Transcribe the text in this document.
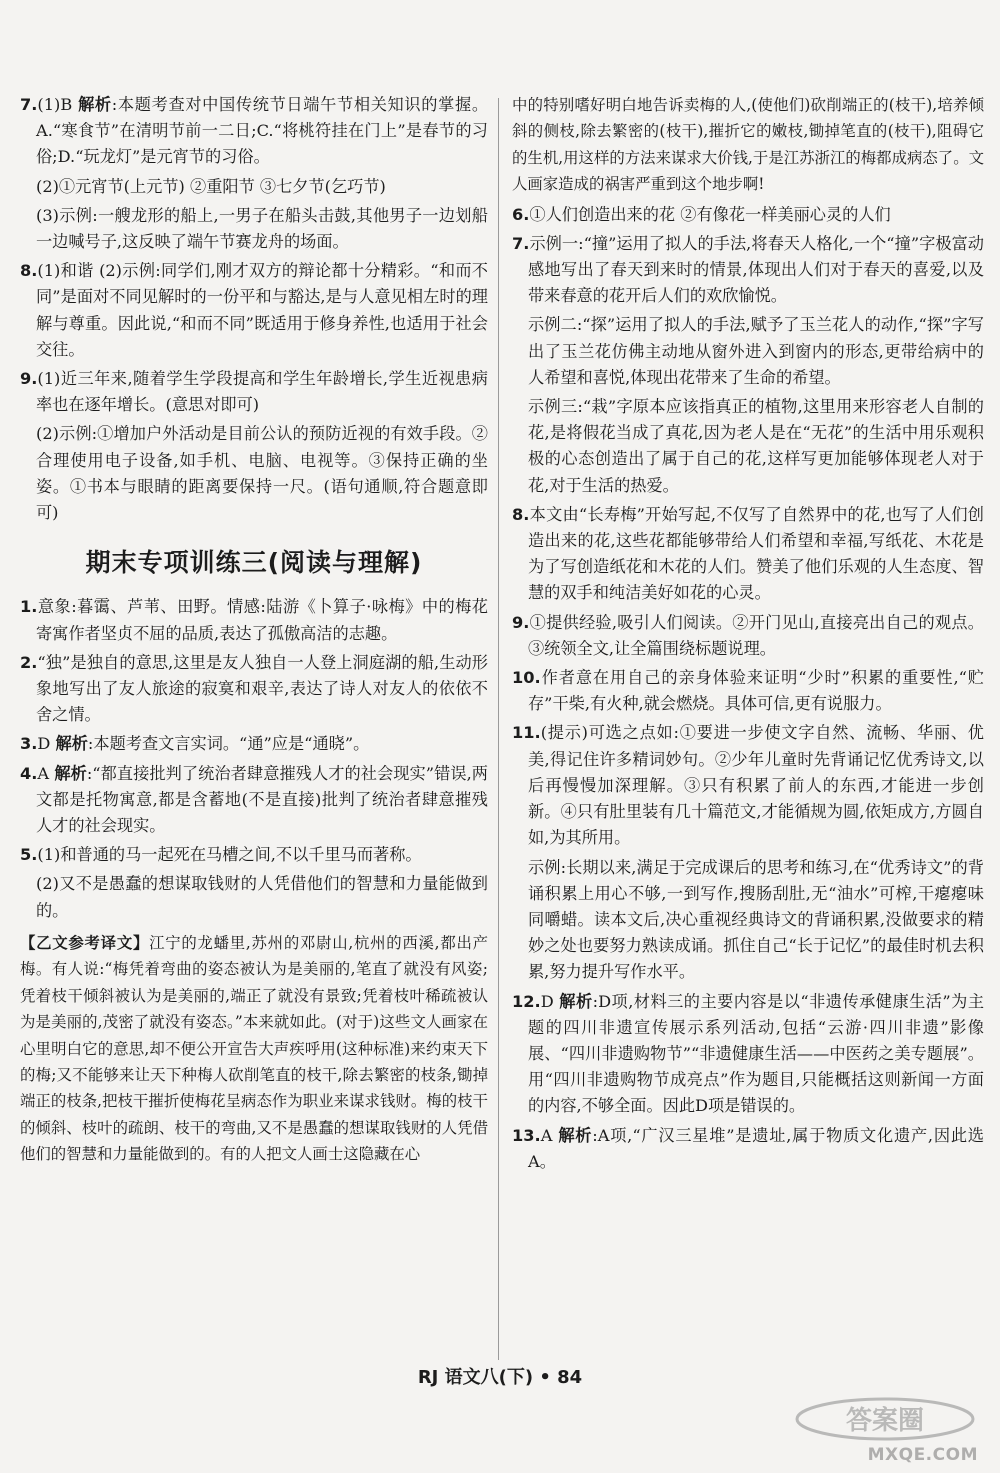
7.(1)B 解析:本题考查对中国传统节日端午节相关知识的掌握。A.“寒食节”在清明节前一二日;C.“将桃符挂在门上”是春节的习俗;D.“玩龙灯”是元宵节的习俗。

(2)①元宵节(上元节) ②重阳节 ③七夕节(乞巧节)

(3)示例:一艘龙形的船上,一男子在船头击鼓,其他男子一边划船一边喊号子,这反映了端午节赛龙舟的场面。

8.(1)和谐 (2)示例:同学们,刚才双方的辩论都十分精彩。“和而不同”是面对不同见解时的一份平和与豁达,是与人意见相左时的理解与尊重。因此说,“和而不同”既适用于修身养性,也适用于社会交往。

9.(1)近三年来,随着学生学段提高和学生年龄增长,学生近视患病率也在逐年增长。(意思对即可)

(2)示例:①增加户外活动是目前公认的预防近视的有效手段。②合理使用电子设备,如手机、电脑、电视等。③保持正确的坐姿。①书本与眼睛的距离要保持一尺。(语句通顺,符合题意即可)

期末专项训练三(阅读与理解)

1.意象:暮霭、芦苇、田野。情感:陆游《卜算子·咏梅》中的梅花寄寓作者坚贞不屈的品质,表达了孤傲高洁的志趣。

2.“独”是独自的意思,这里是友人独自一人登上洞庭湖的船,生动形象地写出了友人旅途的寂寞和艰辛,表达了诗人对友人的依依不舍之情。

3.D 解析:本题考查文言实词。“通”应是“通晓”。

4.A 解析:“都直接批判了统治者肆意摧残人才的社会现实”错误,两文都是托物寓意,都是含蓄地(不是直接)批判了统治者肆意摧残人才的社会现实。

5.(1)和普通的马一起死在马槽之间,不以千里马而著称。

(2)又不是愚蠢的想谋取钱财的人凭借他们的智慧和力量能做到的。

【乙文参考译文】江宁的龙蟠里,苏州的邓尉山,杭州的西溪,都出产梅。有人说:“梅凭着弯曲的姿态被认为是美丽的,笔直了就没有风姿;凭着枝干倾斜被认为是美丽的,端正了就没有景致;凭着枝叶稀疏被认为是美丽的,茂密了就没有姿态。”本来就如此。(对于)这些文人画家在心里明白它的意思,却不便公开宣告大声疾呼用(这种标准)来约束天下的梅;又不能够来让天下种梅人砍削笔直的枝干,除去繁密的枝条,锄掉端正的枝条,把枝干摧折使梅花呈病态作为职业来谋求钱财。梅的枝干的倾斜、枝叶的疏朗、枝干的弯曲,又不是愚蠢的想谋取钱财的人凭借他们的智慧和力量能做到的。有的人把文人画士这隐藏在心
中的特别嗜好明白地告诉卖梅的人,(使他们)砍削端正的(枝干),培养倾斜的侧枝,除去繁密的(枝干),摧折它的嫩枝,锄掉笔直的(枝干),阻碍它的生机,用这样的方法来谋求大价钱,于是江苏浙江的梅都成病态了。文人画家造成的祸害严重到这个地步啊!

6.①人们创造出来的花 ②有像花一样美丽心灵的人们

7.示例一:“撞”运用了拟人的手法,将春天人格化,一个“撞”字极富动感地写出了春天到来时的情景,体现出人们对于春天的喜爱,以及带来春意的花开后人们的欢欣愉悦。

示例二:“探”运用了拟人的手法,赋予了玉兰花人的动作,“探”字写出了玉兰花仿佛主动地从窗外进入到窗内的形态,更带给病中的人希望和喜悦,体现出花带来了生命的希望。

示例三:“栽”字原本应该指真正的植物,这里用来形容老人自制的花,是将假花当成了真花,因为老人是在“无花”的生活中用乐观积极的心态创造出了属于自己的花,这样写更加能够体现老人对于花,对于生活的热爱。

8.本文由“长寿梅”开始写起,不仅写了自然界中的花,也写了人们创造出来的花,这些花都能够带给人们希望和幸福,写纸花、木花是为了写创造纸花和木花的人们。赞美了他们乐观的人生态度、智慧的双手和纯洁美好如花的心灵。

9.①提供经验,吸引人们阅读。②开门见山,直接亮出自己的观点。③统领全文,让全篇围绕标题说理。

10.作者意在用自己的亲身体验来证明“少时”积累的重要性,“贮存”干柴,有火种,就会燃烧。具体可信,更有说服力。

11.(提示)可选之点如:①要进一步使文字自然、流畅、华丽、优美,得记住许多精词妙句。②少年儿童时先背诵记忆优秀诗文,以后再慢慢加深理解。③只有积累了前人的东西,才能进一步创新。④只有肚里装有几十篇范文,才能循规为圆,依矩成方,方圆自如,为其所用。

示例:长期以来,满足于完成课后的思考和练习,在“优秀诗文”的背诵积累上用心不够,一到写作,搜肠刮肚,无“油水”可榨,干瘪瘪味同嚼蜡。读本文后,决心重视经典诗文的背诵积累,没做要求的精妙之处也要努力熟读成诵。抓住自己“长于记忆”的最佳时机去积累,努力提升写作水平。

12.D 解析:D项,材料三的主要内容是以“非遗传承健康生活”为主题的四川非遗宣传展示系列活动,包括“云游·四川非遗”影像展、“四川非遗购物节”“非遗健康生活——中医药之美专题展”。用“四川非遗购物节成亮点”作为题目,只能概括这则新闻一方面的内容,不够全面。因此D项是错误的。

13.A 解析:A项,“广汉三星堆”是遗址,属于物质文化遗产,因此选A。

RJ 语文八(下) • 84
答案圈
MXQE.COM
